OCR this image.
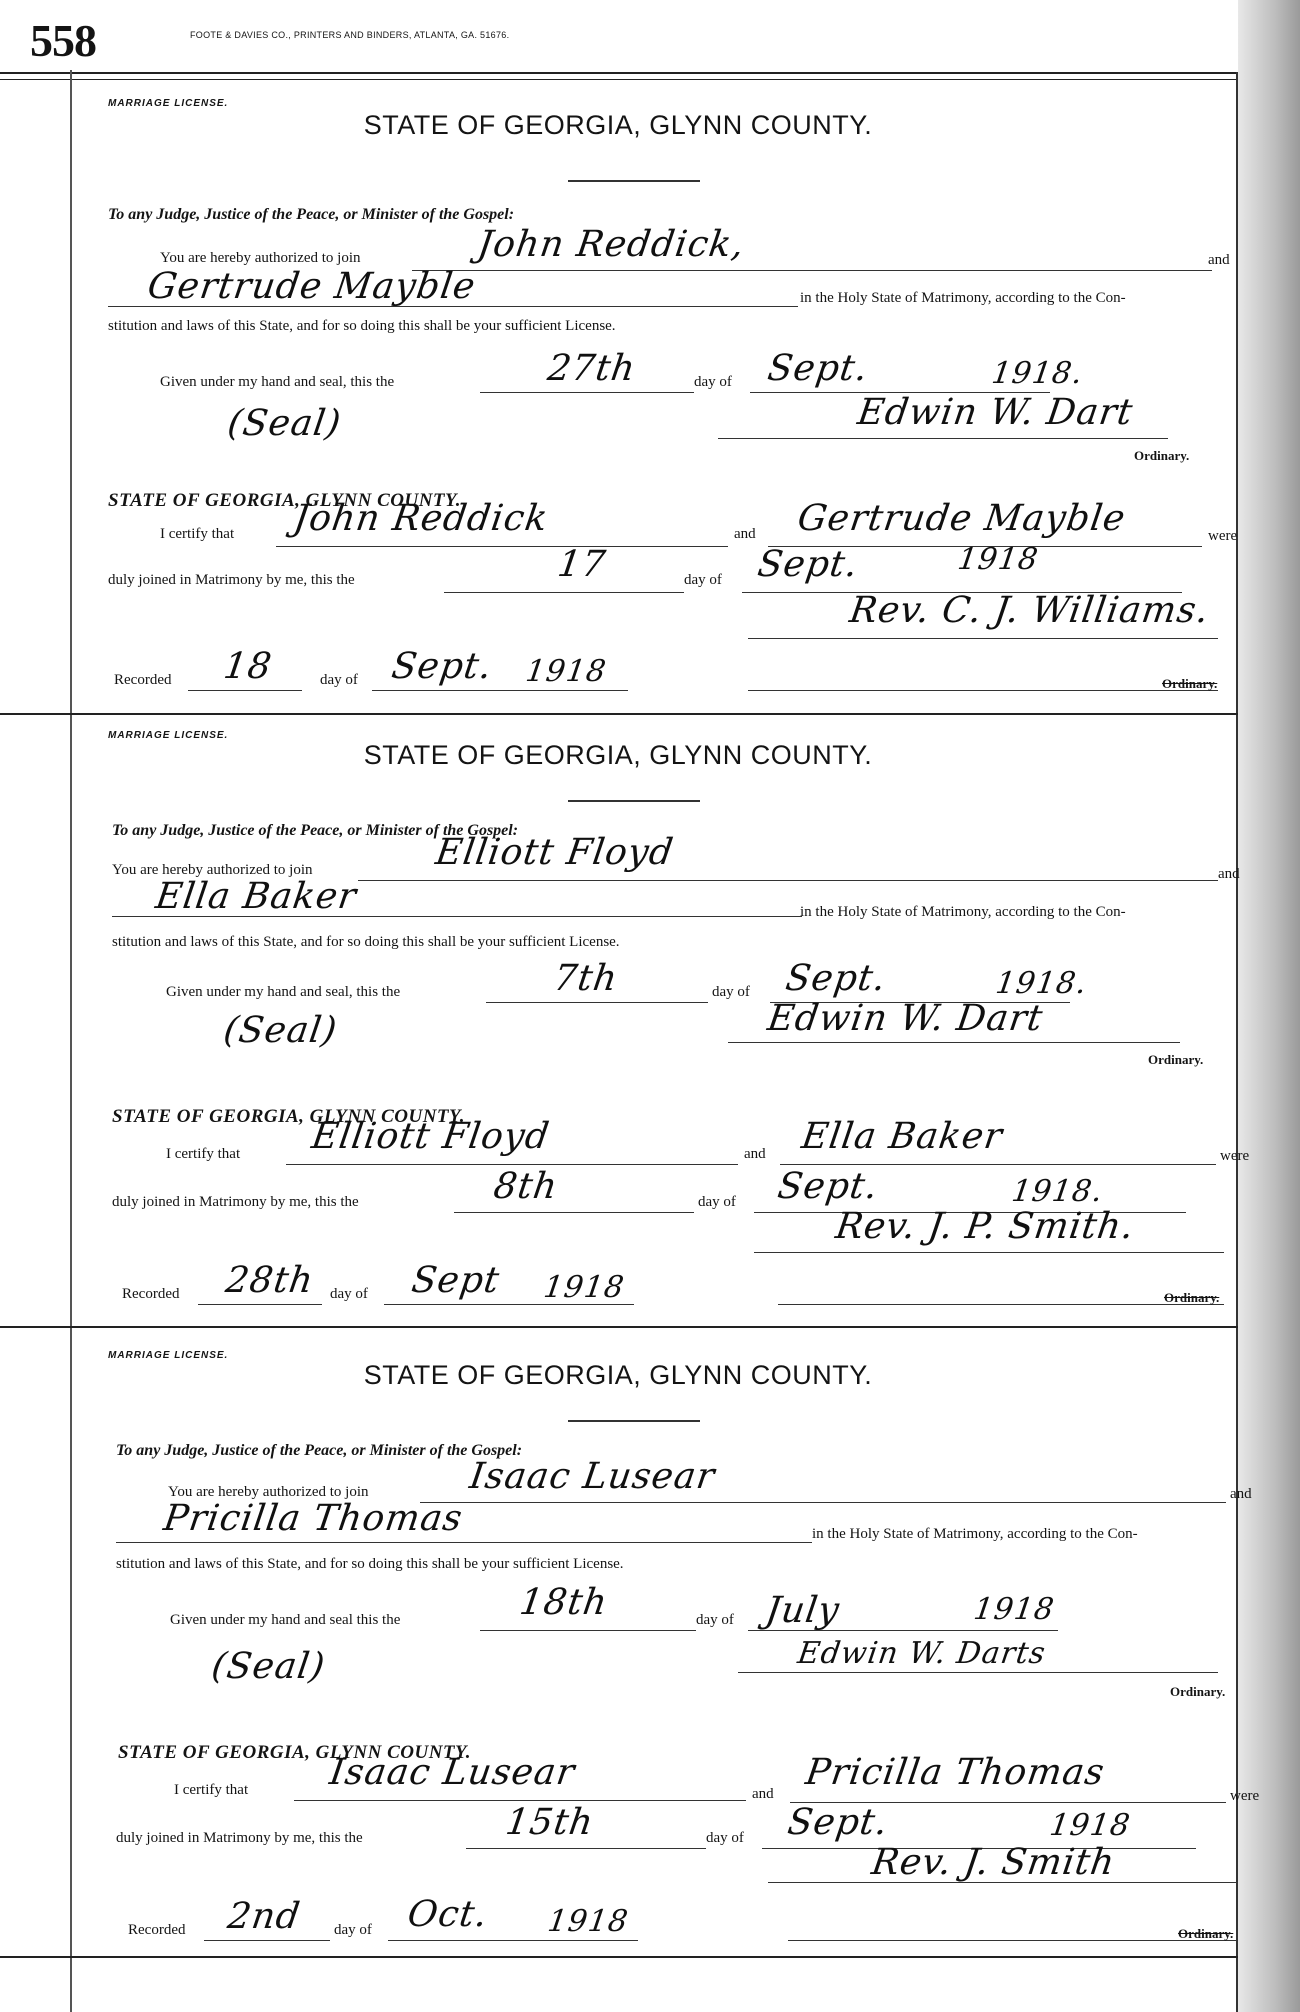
558	FOOTE & DAVIES CO., PRINTERS AND BINDERS, ATLANTA, GA. 51676.
MARRIAGE LICENSE.
STATE OF GEORGIA, GLYNN COUNTY.
To any Judge, Justice of the Peace, or Minister of the Gospel:
You are hereby authorized to join	John Reddick,	and
Gertrude Mayble	in the Holy State of Matrimony, according to the Con-
stitution and laws of this State, and for so doing this shall be your sufficient License.
Given under my hand and seal, this the	27th	day of Sept.	1918.
(Seal)	Edwin W. Dart
Ordinary.
STATE OF GEORGIA, GLYNN COUNTY.
I certify that John Reddick	and Gertrude Mayble	were
duly joined in Matrimony by me, this the	17	day of Sept.	1918
Rev. C. J. Williams.
Recorded 18	day of Sept. 1918	Ordinary.
MARRIAGE LICENSE.
STATE OF GEORGIA, GLYNN COUNTY.
To any Judge, Justice of the Peace, or Minister of the Gospel:
You are hereby authorized to join	Elliott Floyd
and
Ella Baker	in the Holy State of Matrimony, according to the Con-
stitution and laws of this State, and for so doing this shall be your sufficient License.
Given under my hand and seal, this the	7th	day of Sept.	1918.
(Seal)	Edwin W. Dart
Ordinary.
STATE OF GEORGIA, GLYNN COUNTY.
I certify that Elliott Floyd	and Ella Baker	were
duly joined in Matrimony by me, this the	8th	day of Sept.	1918.
Rev. J. P. Smith.
Recorded 28th day of Sept 1918	Ordinary.
MARRIAGE LICENSE.
STATE OF GEORGIA, GLYNN COUNTY.
To any Judge, Justice of the Peace, or Minister of the Gospel:
You are hereby authorized to join	Isaac Lusear	and
Pricilla Thomas	in the Holy State of Matrimony, according to the Con-
stitution and laws of this State, and for so doing this shall be your sufficient License.
Given under my hand and seal this the	18th	day of July	1918
(Seal)	Edwin W. Darts
Ordinary.
STATE OF GEORGIA, GLYNN COUNTY.
I certify that Isaac Lusear
and
Pricilla Thomas
were
duly joined in Matrimony by me, this the	15th	day of Sept.	1918
Rev. J. Smith
Recorded 2nd day of Oct. 1918	Ordinary.
